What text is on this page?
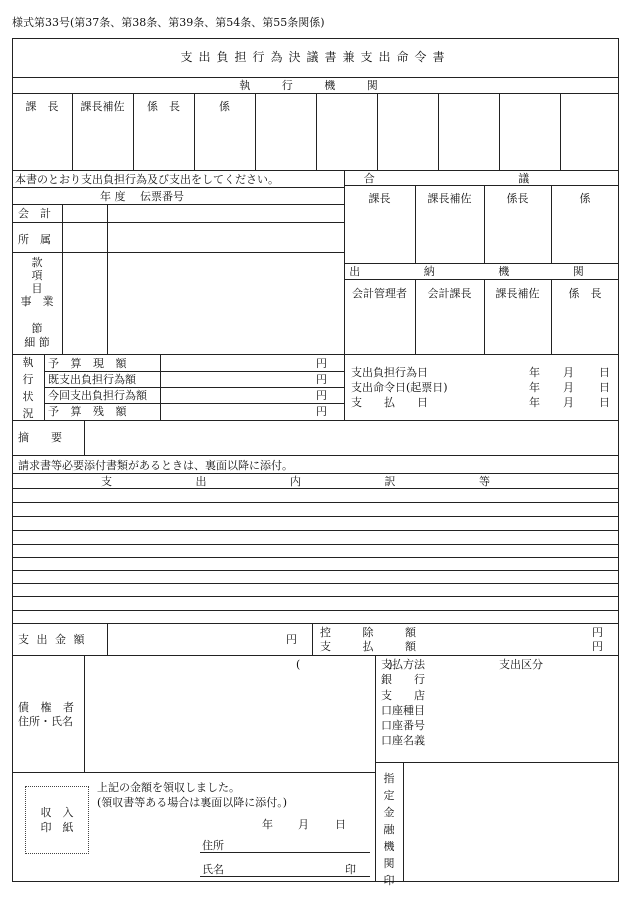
様式第33号(第37条、第38条、第39条、第54条、第55条関係)
支出負担行為決議書兼支出命令書
執 行 機 関
課　長	課長補佐	係　長	係
本書のとおり支出負担行為及び支出をしてください。
年 度 伝票番号
会　計
所　属
款
項
目
事　業
節
細 節
合 議
課長	課長補佐	係長	係
出 納 機 関
会計管理者	会計課長	課長補佐	係　長
執行状況
予 算 現 額	円
既支出負担行為額	円
今回支出負担行為額	円
予 算 残 額	円
支出負担行為日	年 月 日
支出命令日(起票日)	年 月 日
支　　払　　日	年 月 日
摘　　要
請求書等必要添付書類があるときは、裏面以降に添付。
支 出 内 訳 等
支 出 金 額	円
控 除 額	円
支 払 額	円
(　　　　　　　　)
債 権 者
住所・氏名
支払方法	支出区分
銀　　行
支　　店
口座種目
口座番号
口座名義
収　入
印　紙
上記の金額を領収しました。
(領収書等ある場合は裏面以降に添付。)
年 月 日
住所
氏名	印
指定金融機関印
